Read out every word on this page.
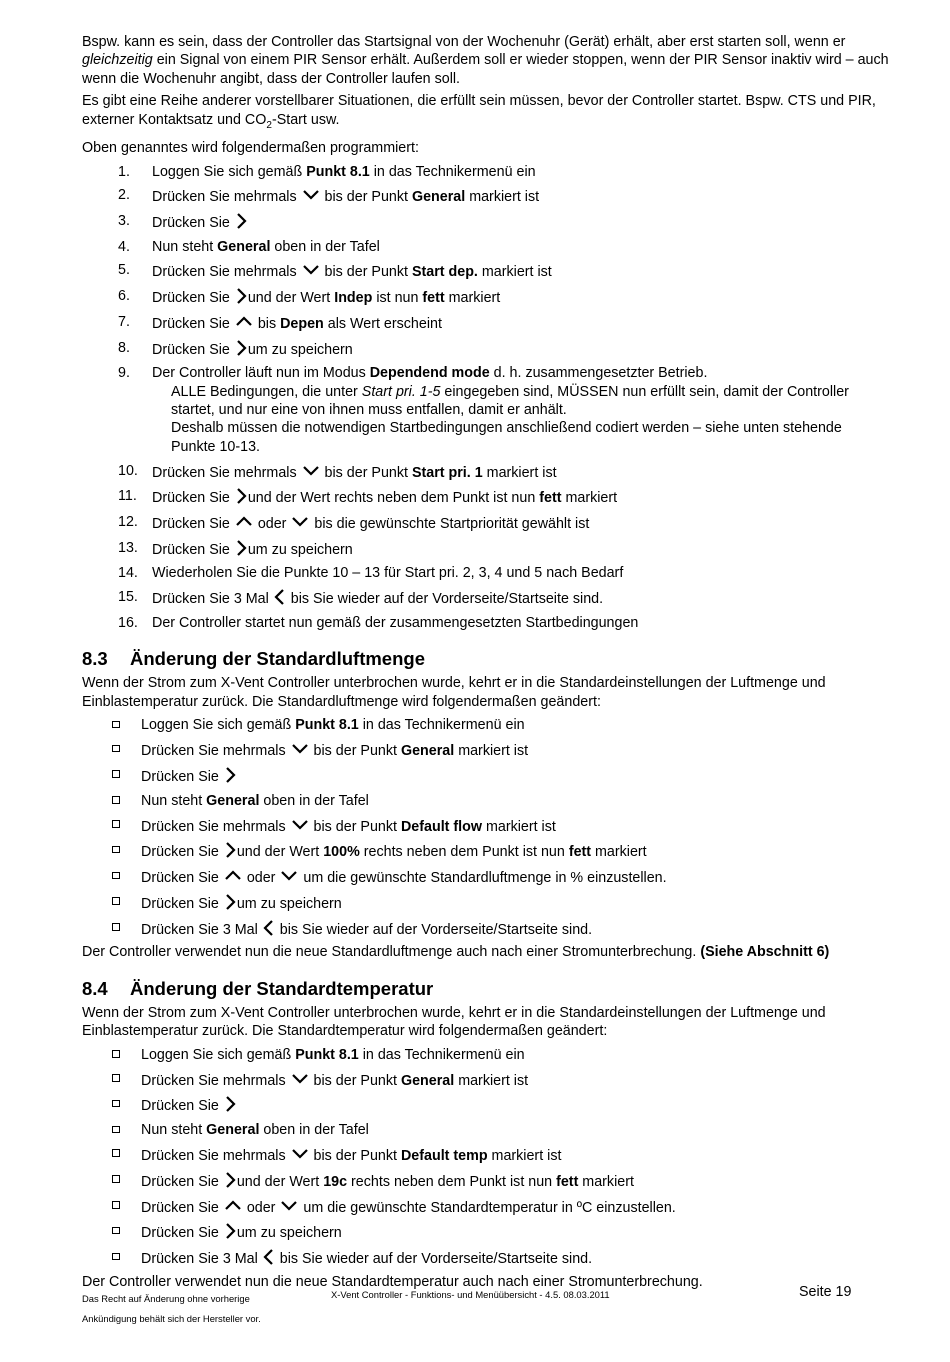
Bspw. kann es sein, dass der Controller das Startsignal von der Wochenuhr (Gerät) erhält, aber erst starten soll, wenn er gleichzeitig ein Signal von einem PIR Sensor erhält. Außerdem soll er wieder stoppen, wenn der PIR Sensor inaktiv wird – auch wenn die Wochenuhr angibt, dass der Controller laufen soll.

Es gibt eine Reihe anderer vorstellbarer Situationen, die erfüllt sein müssen, bevor der Controller startet. Bspw. CTS und PIR, externer Kontaktsatz und $CO_2$-Start usw.

Oben genanntes wird folgendermaßen programmiert:

1. Loggen Sie sich gemäß Punkt 8.1 in das Technikermenü ein
2. Drücken Sie mehrmals
bis der Punkt General markiert ist
3. Drücken Sie
4. Nun steht General oben in der Tafel
5. Drücken Sie mehrmals
bis der Punkt Start dep. markiert ist
6. Drücken Sie
und der Wert Indep ist nun fett markiert
7. Drücken Sie
bis Depen als Wert erscheint
8. Drücken Sie
um zu speichern
9. Der Controller läuft nun im Modus Dependend mode d. h. zusammengesetzter Betrieb.
ALLE Bedingungen, die unter Start pri. 1-5 eingegeben sind, MÜSSEN nun erfüllt sein, damit der Controller startet, und nur eine von ihnen muss entfallen, damit er anhält.
Deshalb müssen die notwendigen Startbedingungen anschließend codiert werden – siehe unten stehende Punkte 10-13.
10. Drücken Sie mehrmals
bis der Punkt Start pri. 1 markiert ist
11. Drücken Sie
und der Wert rechts neben dem Punkt ist nun fett markiert
12. Drücken Sie
oder
bis die gewünschte Startpriorität gewählt ist
13. Drücken Sie
um zu speichern
14. Wiederholen Sie die Punkte 10 – 13 für Start pri. 2, 3, 4 und 5 nach Bedarf
15. Drücken Sie 3 Mal
bis Sie wieder auf der Vorderseite/Startseite sind.
16. Der Controller startet nun gemäß der zusammengesetzten Startbedingungen
8.3 Änderung der Standardluftmenge

Wenn der Strom zum X-Vent Controller unterbrochen wurde, kehrt er in die Standardeinstellungen der Luftmenge und Einblastemperatur zurück. Die Standardluftmenge wird folgendermaßen geändert:

Loggen Sie sich gemäß Punkt 8.1 in das Technikermenü ein
Drücken Sie mehrmals
bis der Punkt General markiert ist
Drücken Sie
Nun steht General oben in der Tafel
Drücken Sie mehrmals
bis der Punkt Default flow markiert ist
Drücken Sie
und der Wert 100% rechts neben dem Punkt ist nun fett markiert
Drücken Sie
oder
um die gewünschte Standardluftmenge in % einzustellen.
Drücken Sie
um zu speichern
Drücken Sie 3 Mal
bis Sie wieder auf der Vorderseite/Startseite sind.

Der Controller verwendet nun die neue Standardluftmenge auch nach einer Stromunterbrechung. (Siehe Abschnitt 6)

8.4 Änderung der Standardtemperatur

Wenn der Strom zum X-Vent Controller unterbrochen wurde, kehrt er in die Standardeinstellungen der Luftmenge und Einblastemperatur zurück. Die Standardtemperatur wird folgendermaßen geändert:

Loggen Sie sich gemäß Punkt 8.1 in das Technikermenü ein
Drücken Sie mehrmals
bis der Punkt General markiert ist
Drücken Sie
Nun steht General oben in der Tafel
Drücken Sie mehrmals
bis der Punkt Default temp markiert ist
Drücken Sie
und der Wert 19c rechts neben dem Punkt ist nun fett markiert
Drücken Sie
oder
um die gewünschte Standardtemperatur in ºC einzustellen.
Drücken Sie
um zu speichern
Drücken Sie 3 Mal
bis Sie wieder auf der Vorderseite/Startseite sind.

Der Controller verwendet nun die neue Standardtemperatur auch nach einer Stromunterbrechung.

Das Recht auf Änderung ohne vorherige
Ankündigung behält sich der Hersteller vor.
X-Vent Controller - Funktions- und Menüübersicht - 4.5. 08.03.2011	Seite 19
